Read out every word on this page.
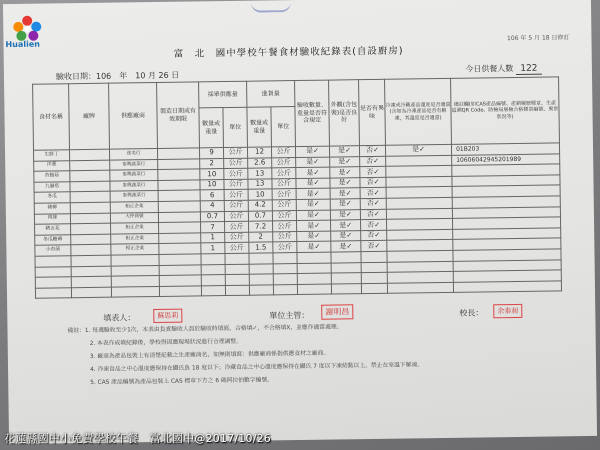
Hualien
106 年 5 月 18 日修訂
富　北　國中學校午餐食材驗收紀錄表(自設廚房)
驗收日期：106　年　10 月 26 日
今日供餐人數 122
食材名稱	廠牌	供應廠商	製造日期或有效期限	採單供應量		進貨量		驗收數量、重量是否符合規定	外觀(含包裝)是否良好	是否有異味	冷凍或冷藏產品溫度是否適當(含如為冷凍產品是否有解凍，其溫度是否適當)	備註欄(如CAS產品編號、產銷履歷標章、生產追溯QR Code、防檢局屠檢合格標章編號、異常狀況等)
				數量或重量	單位	數量或重量	單位					
生鮮丁		達美行		9	公斤	12	公斤	是✓	是✓	否✓	是✓	01B203
洋蔥		泰興蔬菜行		2	公斤	2.6	公斤	是✓	是✓	否✓		10606042945201989
杏鮑菇		泰興蔬菜行		10	公斤	13	公斤	是✓	是✓	否✓		
九層塔		泰興蔬菜行		10	公斤	13	公斤	是✓	是✓	否✓		
冬瓜		泰興蔬菜行		6	公斤	10	公斤	是✓	是✓	否✓		
豬柳		相正企業		4	公斤	4.2	公斤	是✓	是✓	否✓		
肉絲		大仲商號		0.7	公斤	0.7	公斤	是✓	是✓	否✓		
豬五花		相正企業		7	公斤	7.2	公斤	是✓	是✓	否✓		
冬瓜糖磚		相正企業		1	公斤	2	公斤	是✓	是✓	否✓		
小杏菌		相正企業		1	公斤	1.5	公斤	是✓	是✓	否✓		

填表人：	蘇思莉	單位主管：	謝明昌	校長：	余泰昶
備註：1. 每週驗收至少1次，本表由負責驗收人員於驗收時填寫，合格填✓，不合格填X，並應作適當處理。
2. 本表作成填紀錄後，學校得因應現場狀況進行合理調整。
3. 廠商為產品包裝上有清楚記載之生產廠商名，如無則填寫：供應廠商係指供應食材之廠商。
4. 冷凍食品之中心溫度應保持在攝氏負 18 度以下；冷藏食品之中心溫度應保持在攝氏 7 度以下凍結點以上，禁止在室溫下解凍。
5. CAS 產品編號為產品包裝上 CAS 標章下方之 6 碼阿拉伯數字編號。
花蓮縣國中小免費學校午餐　富北國中@2017/10/26
